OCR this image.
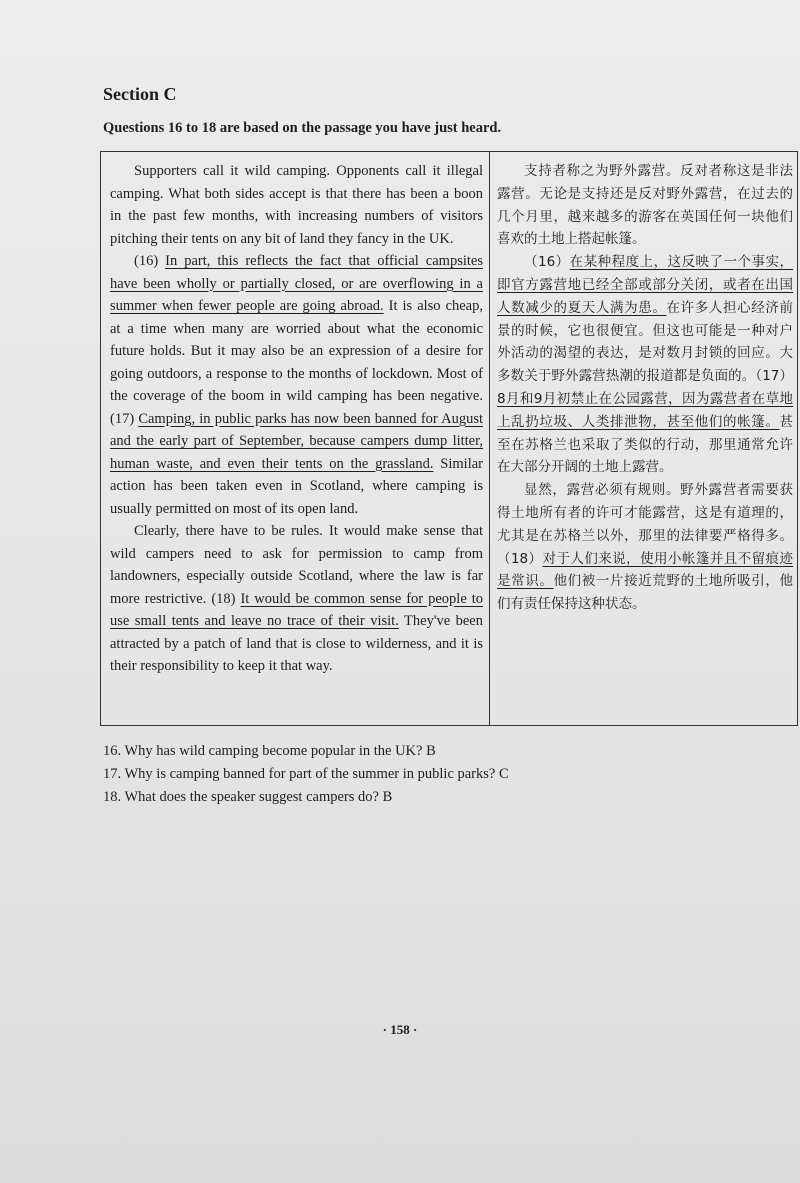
Section C
Questions 16 to 18 are based on the passage you have just heard.

Supporters call it wild camping. Opponents call it illegal camping. What both sides accept is that there has been a boon in the past few months, with increasing numbers of visitors pitching their tents on any bit of land they fancy in the UK.

(16) In part, this reflects the fact that official campsites have been wholly or partially closed, or are overflowing in a summer when fewer people are going abroad. It is also cheap, at a time when many are worried about what the economic future holds. But it may also be an expression of a desire for going outdoors, a response to the months of lockdown. Most of the coverage of the boom in wild camping has been negative. (17) Camping, in public parks has now been banned for August and the early part of September, because campers dump litter, human waste, and even their tents on the grassland. Similar action has been taken even in Scotland, where camping is usually permitted on most of its open land.

Clearly, there have to be rules. It would make sense that wild campers need to ask for permission to camp from landowners, especially outside Scotland, where the law is far more restrictive. (18) It would be common sense for people to use small tents and leave no trace of their visit. They've been attracted by a patch of land that is close to wilderness, and it is their responsibility to keep it that way.

支持者称之为野外露营。反对者称这是非法露营。无论是支持还是反对野外露营，在过去的几个月里，越来越多的游客在英国任何一块他们喜欢的土地上搭起帐篷。

（16）在某种程度上，这反映了一个事实，即官方露营地已经全部或部分关闭，或者在出国人数减少的夏天人满为患。在许多人担心经济前景的时候，它也很便宜。但这也可能是一种对户外活动的渴望的表达，是对数月封锁的回应。大多数关于野外露营热潮的报道都是负面的。（17）8月和9月初禁止在公园露营，因为露营者在草地上乱扔垃圾、人类排泄物，甚至他们的帐篷。甚至在苏格兰也采取了类似的行动，那里通常允许在大部分开阔的土地上露营。

显然，露营必须有规则。野外露营者需要获得土地所有者的许可才能露营，这是有道理的，尤其是在苏格兰以外，那里的法律要严格得多。（18）对于人们来说，使用小帐篷并且不留痕迹是常识。他们被一片接近荒野的土地所吸引，他们有责任保持这种状态。

16. Why has wild camping become popular in the UK? B
17. Why is camping banned for part of the summer in public parks? C
18. What does the speaker suggest campers do? B
· 158 ·
